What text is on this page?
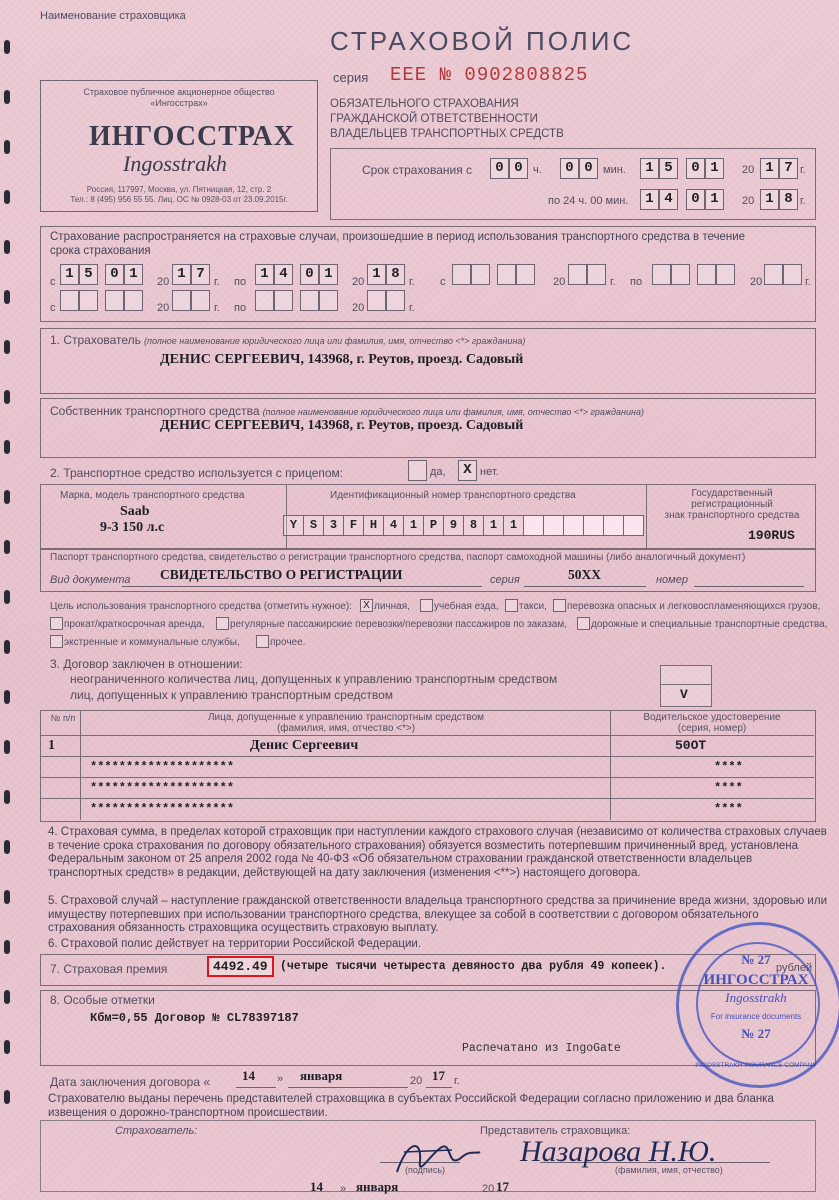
Наименование страховщика
СТРАХОВОЙ ПОЛИС
серия ЕЕЕ № 0902808825
ОБЯЗАТЕЛЬНОГО СТРАХОВАНИЯ
ГРАЖДАНСКОЙ ОТВЕТСТВЕННОСТИ
ВЛАДЕЛЬЦЕВ ТРАНСПОРТНЫХ СРЕДСТВ
Страховое публичное акционерное общество
«Ингосстрах»
ИНГОССТРАХ
Ingosstrakh
Россия, 117997, Москва, ул. Пятницкая, 12, стр. 2
Тел.: 8 (495) 956 55 55. Лиц. ОС № 0928-03 от 23.09.2015г.
Срок страхования с	0 0 ч.	0 0 мин.	1 5	0 1	20 1 7 г.
по 24 ч. 00 мин.	1 4	0 1	20 1 8 г.
Страхование распространяется на страховые случаи, произошедшие в период использования транспортного средства в течение
срока страхования
с 1 5	0 1	20 1 7 г. по	1 4	0 1	20 1 8 г. с	20	г. по	20	г.
с	20	г. по	20	г.
1. Страхователь (полное наименование юридического лица или фамилия, имя, отчество <*> гражданина)
ДЕНИС СЕРГЕЕВИЧ, 143968, г. Реутов, проезд. Садовый
Собственник транспортного средства (полное наименование юридического лица или фамилия, имя, отчество <*> гражданина)
ДЕНИС СЕРГЕЕВИЧ, 143968, г. Реутов, проезд. Садовый
2. Транспортное средство используется с прицепом:	да,	X нет.
Марка, модель транспортного средства
Saab
9-3 150 л.с
Идентификационный номер транспортного средства
Y	S	3	F	H	4	1	P	9	8	1	1
Государственный регистрационный
знак транспортного средства
190RUS
Паспорт транспортного средства, свидетельство о регистрации транспортного средства, паспорт самоходной машины (либо аналогичный документ)
Вид документа СВИДЕТЕЛЬСТВО О РЕГИСТРАЦИИ	серия	50XX	номер
Цель использования транспортного средства (отметить нужное):	X личная, учебная езда, такси, перевозка опасных и легковоспламеняющихся грузов,
прокат/краткосрочная аренда,	регулярные пассажирские перевозки/перевозки пассажиров по заказам, дорожные и специальные транспортные средства,
экстренные и коммунальные службы,	прочее.
3. Договор заключен в отношении:
неограниченного количества лиц, допущенных к управлению транспортным средством
лиц, допущенных к управлению транспортным средством	V
№ п/п	Лица, допущенные к управлению транспортным средством
(фамилия, имя, отчество <*>)
Водительское удостоверение
(серия, номер)
1	Денис Сергеевич	50ОТ
********************	****
********************	****
********************	****
4. Страховая сумма, в пределах которой страховщик при наступлении каждого страхового случая (независимо от количества страховых случаев в течение срока страхования по договору обязательного страхования) обязуется возместить потерпевшим причиненный вред, установлена Федеральным законом от 25 апреля 2002 года № 40-ФЗ «Об обязательном страховании гражданской ответственности владельцев транспортных средств» в редакции, действующей на дату заключения (изменения <**>) настоящего договора.
5. Страховой случай – наступление гражданской ответственности владельца транспортного средства за причинение вреда жизни, здоровью или имуществу потерпевших при использовании транспортного средства, влекущее за собой в соответствии с договором обязательного страхования обязанность страховщика осуществить страховую выплату.
6. Страховой полис действует на территории Российской Федерации.
7. Страховая премия	4492.49	(четыре тысячи четыреста девяносто два рубля 49 копеек).	рублей
8. Особые отметки
Кбм=0,55 Договор № CL78397187
Распечатано из IngoGate
Дата заключения договора « 14 » января	20 17 г.
Страхователю выданы перечень представителей страховщика в субъектах Российской Федерации согласно приложению и два бланка извещения о дорожно-транспортном происшествии.
Страхователь:	Представитель страховщика:
(подпись)	(фамилия, имя, отчество)
Назарова Н.Ю.
14 » января	20 17
№ 27
ИНГОССТРАХ
Ingosstrakh
For insurance documents
№ 27
INGOSSTRAKH INSURANCE COMPANY
